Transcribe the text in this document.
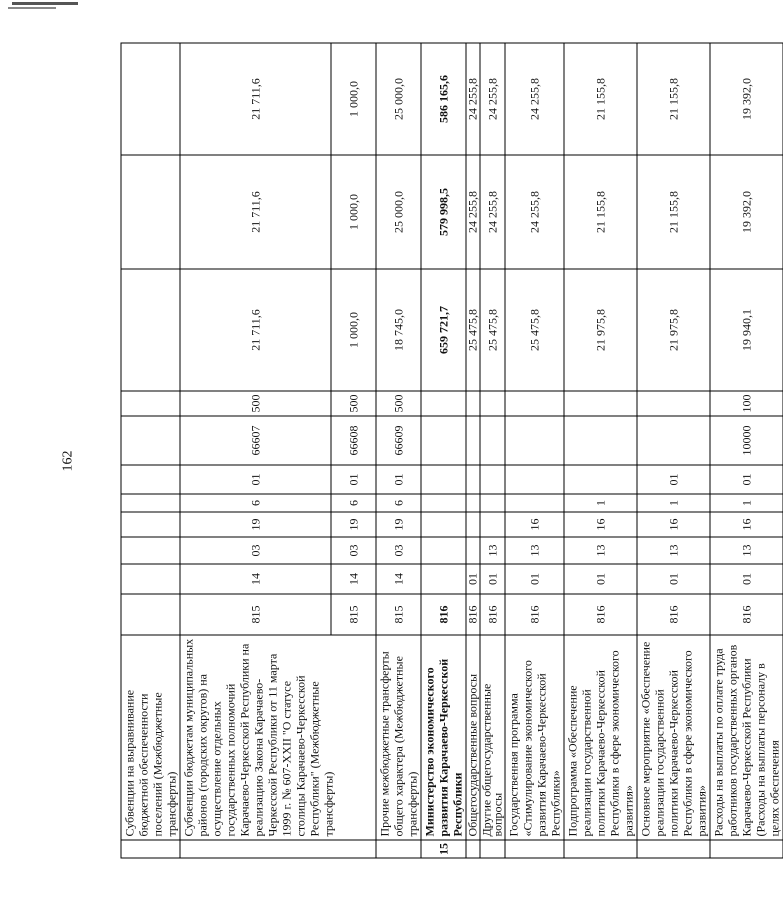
162
	Субвенции на выравнивание бюджетной обеспеченности поселений (Межбюджетные трансферты)											
	Субвенции бюджетам муниципальных районов (городских округов) на осуществление отдельных государственных полномочий Карачаево-Черкесской Республики на реализацию Закона Карачаево-Черкесской Республики от 11 марта 1999 г. № 607-XXII "О статусе столицы Карачаево-Черкесской Республики" (Межбюджетные трансферты)	815	14	03	19	6	01	66607	500	21 711,6	21 711,6	21 711,6
		815	14	03	19	6	01	66608	500	1 000,0	1 000,0	1 000,0
	Прочие межбюджетные трансферты общего характера (Межбюджетные трансферты)	815	14	03	19	6	01	66609	500	18 745,0	25 000,0	25 000,0
15	Министерство экономического развития Карачаево-Черкесской Республики	816								659 721,7	579 998,5	586 165,6
	Общегосударственные вопросы	816	01							25 475,8	24 255,8	24 255,8
	Другие общегосударственные вопросы	816	01	13						25 475,8	24 255,8	24 255,8
	Государственная программа «Стимулирование экономического развития Карачаево-Черкесской Республики»	816	01	13	16					25 475,8	24 255,8	24 255,8
	Подпрограмма «Обеспечение реализации государственной политики Карачаево-Черкесской Республики в сфере экономического развития»	816	01	13	16	1				21 975,8	21 155,8	21 155,8
	Основное мероприятие «Обеспечение реализации государственной политики Карачаево-Черкесской Республики в сфере экономического развития»	816	01	13	16	1	01			21 975,8	21 155,8	21 155,8
	Расходы на выплаты по оплате труда работников государственных органов Карачаево-Черкесской Республики (Расходы на выплаты персоналу в целях обеспечения	816	01	13	16	1	01	10000	100	19 940,1	19 392,0	19 392,0
